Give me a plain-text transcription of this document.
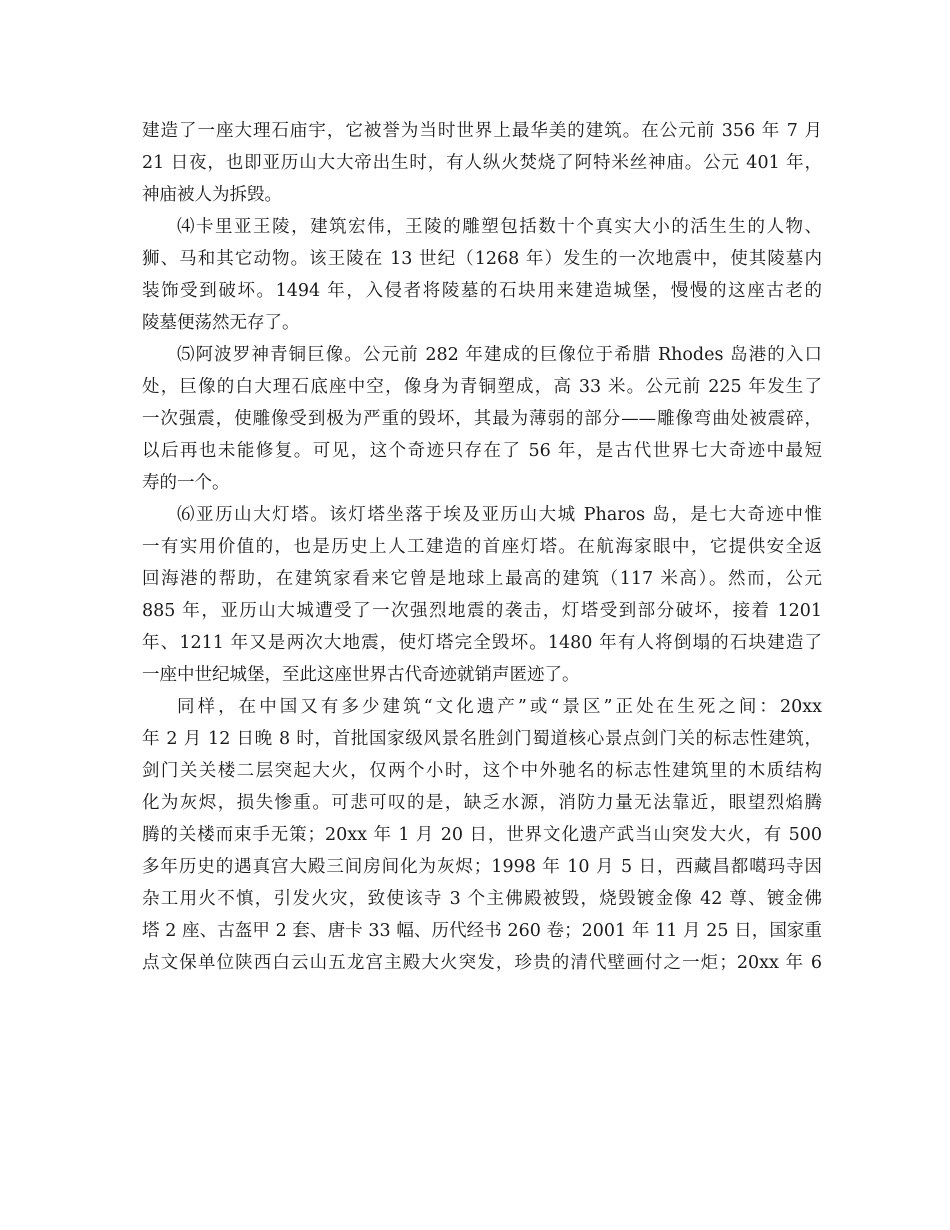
建造了一座大理石庙宇，它被誉为当时世界上最华美的建筑。在公元前 356 年 7 月
21 日夜，也即亚历山大大帝出生时，有人纵火焚烧了阿特米丝神庙。公元 401 年，
神庙被人为拆毁。
⑷卡里亚王陵，建筑宏伟，王陵的雕塑包括数十个真实大小的活生生的人物、
狮、马和其它动物。该王陵在 13 世纪（1268 年）发生的一次地震中，使其陵墓内
装饰受到破坏。1494 年，入侵者将陵墓的石块用来建造城堡，慢慢的这座古老的
陵墓便荡然无存了。
⑸阿波罗神青铜巨像。公元前 282 年建成的巨像位于希腊 Rhodes 岛港的入口
处，巨像的白大理石底座中空，像身为青铜塑成，高 33 米。公元前 225 年发生了
一次强震，使雕像受到极为严重的毁坏，其最为薄弱的部分——雕像弯曲处被震碎，
以后再也未能修复。可见，这个奇迹只存在了 56 年，是古代世界七大奇迹中最短
寿的一个。
⑹亚历山大灯塔。该灯塔坐落于埃及亚历山大城 Pharos 岛，是七大奇迹中惟
一有实用价值的，也是历史上人工建造的首座灯塔。在航海家眼中，它提供安全返
回海港的帮助，在建筑家看来它曾是地球上最高的建筑（117 米高）。然而，公元
885 年，亚历山大城遭受了一次强烈地震的袭击，灯塔受到部分破坏，接着 1201
年、1211 年又是两次大地震，使灯塔完全毁坏。1480 年有人将倒塌的石块建造了
一座中世纪城堡，至此这座世界古代奇迹就销声匿迹了。
同样，在中国又有多少建筑“文化遗产”或“景区”正处在生死之间：20xx
年 2 月 12 日晚 8 时，首批国家级风景名胜剑门蜀道核心景点剑门关的标志性建筑，
剑门关关楼二层突起大火，仅两个小时，这个中外驰名的标志性建筑里的木质结构
化为灰烬，损失惨重。可悲可叹的是，缺乏水源，消防力量无法靠近，眼望烈焰腾
腾的关楼而束手无策；20xx 年 1 月 20 日，世界文化遗产武当山突发大火，有 500
多年历史的遇真宫大殿三间房间化为灰烬；1998 年 10 月 5 日，西藏昌都噶玛寺因
杂工用火不慎，引发火灾，致使该寺 3 个主佛殿被毁，烧毁镀金像 42 尊、镀金佛
塔 2 座、古盔甲 2 套、唐卡 33 幅、历代经书 260 卷；2001 年 11 月 25 日，国家重
点文保单位陕西白云山五龙宫主殿大火突发，珍贵的清代壁画付之一炬；20xx 年 6
